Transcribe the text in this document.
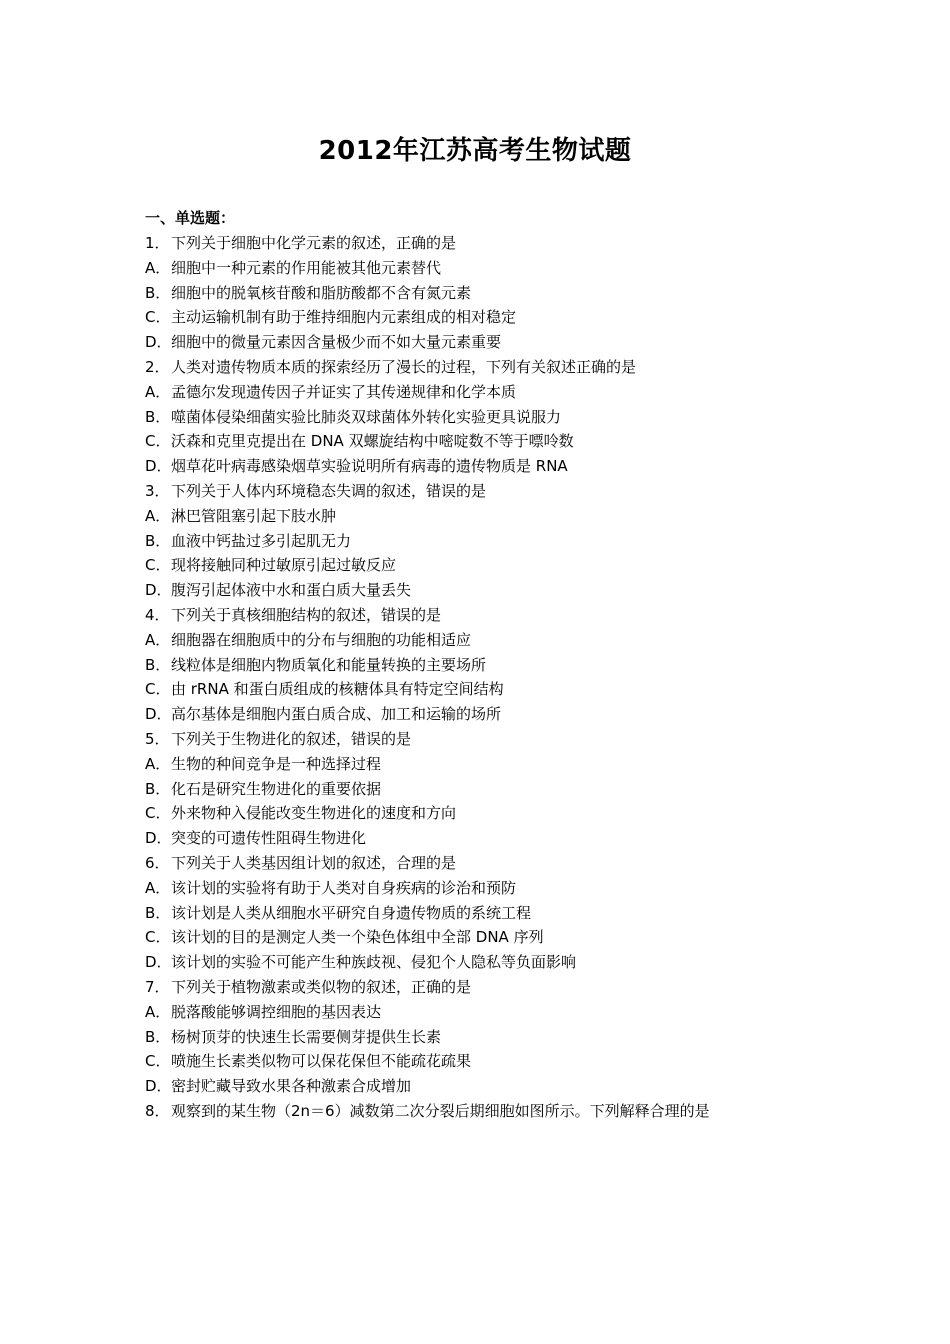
2012年江苏高考生物试题
一、单选题：
1．下列关于细胞中化学元素的叙述，正确的是
A．细胞中一种元素的作用能被其他元素替代
B．细胞中的脱氧核苷酸和脂肪酸都不含有氮元素
C．主动运输机制有助于维持细胞内元素组成的相对稳定
D．细胞中的微量元素因含量极少而不如大量元素重要
2．人类对遗传物质本质的探索经历了漫长的过程，下列有关叙述正确的是
A．孟德尔发现遗传因子并证实了其传递规律和化学本质
B．噬菌体侵染细菌实验比肺炎双球菌体外转化实验更具说服力
C．沃森和克里克提出在 DNA 双螺旋结构中嘧啶数不等于嘌呤数
D．烟草花叶病毒感染烟草实验说明所有病毒的遗传物质是 RNA
3．下列关于人体内环境稳态失调的叙述，错误的是
A．淋巴管阻塞引起下肢水肿
B．血液中钙盐过多引起肌无力
C．现将接触同种过敏原引起过敏反应
D．腹泻引起体液中水和蛋白质大量丢失
4．下列关于真核细胞结构的叙述，错误的是
A．细胞器在细胞质中的分布与细胞的功能相适应
B．线粒体是细胞内物质氧化和能量转换的主要场所
C．由 rRNA 和蛋白质组成的核糖体具有特定空间结构
D．高尔基体是细胞内蛋白质合成、加工和运输的场所
5．下列关于生物进化的叙述，错误的是
A．生物的种间竞争是一种选择过程
B．化石是研究生物进化的重要依据
C．外来物种入侵能改变生物进化的速度和方向
D．突变的可遗传性阻碍生物进化
6．下列关于人类基因组计划的叙述，合理的是
A．该计划的实验将有助于人类对自身疾病的诊治和预防
B．该计划是人类从细胞水平研究自身遗传物质的系统工程
C．该计划的目的是测定人类一个染色体组中全部 DNA 序列
D．该计划的实验不可能产生种族歧视、侵犯个人隐私等负面影响
7．下列关于植物激素或类似物的叙述，正确的是
A．脱落酸能够调控细胞的基因表达
B．杨树顶芽的快速生长需要侧芽提供生长素
C．喷施生长素类似物可以保花保但不能疏花疏果
D．密封贮藏导致水果各种激素合成增加
8．观察到的某生物（2n＝6）减数第二次分裂后期细胞如图所示。下列解释合理的是
